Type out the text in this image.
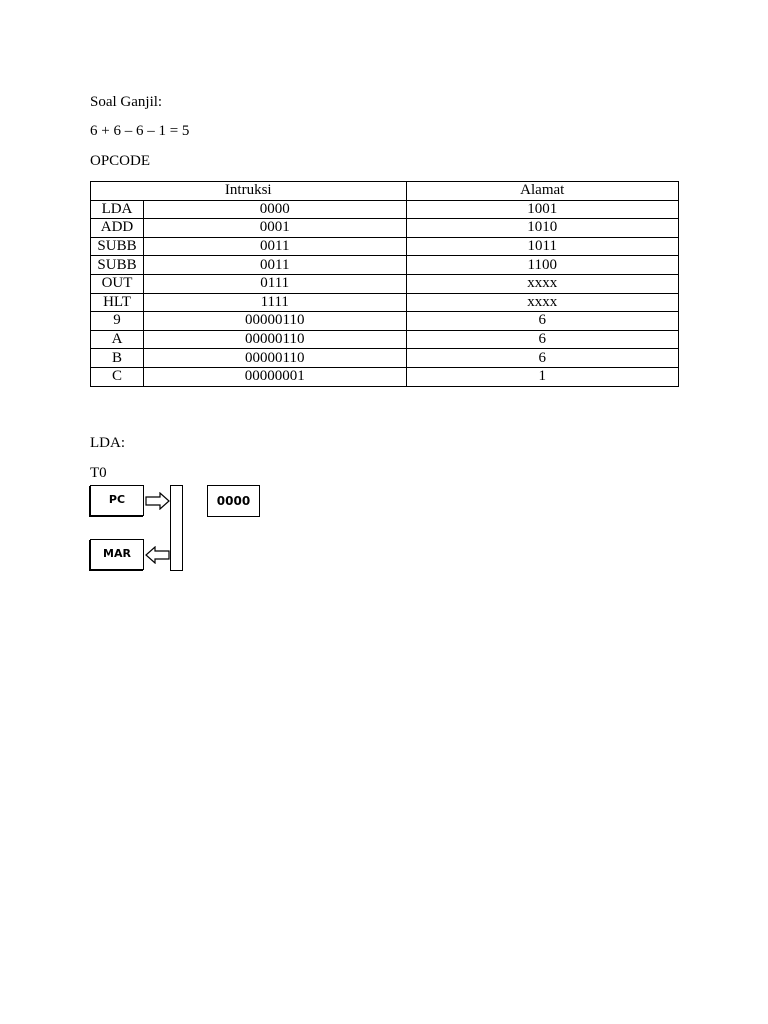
Soal Ganjil:

6 + 6 – 6 – 1 = 5

OPCODE

Intruksi		Alamat
LDA	0000	1001
ADD	0001	1010
SUBB	0011	1011
SUBB	0011	1100
OUT	0111	xxxx
HLT	1111	xxxx
9	00000110	6
A	00000110	6
B	00000110	6
C	00000001	1

LDA:

T0

PC
MAR
0000
